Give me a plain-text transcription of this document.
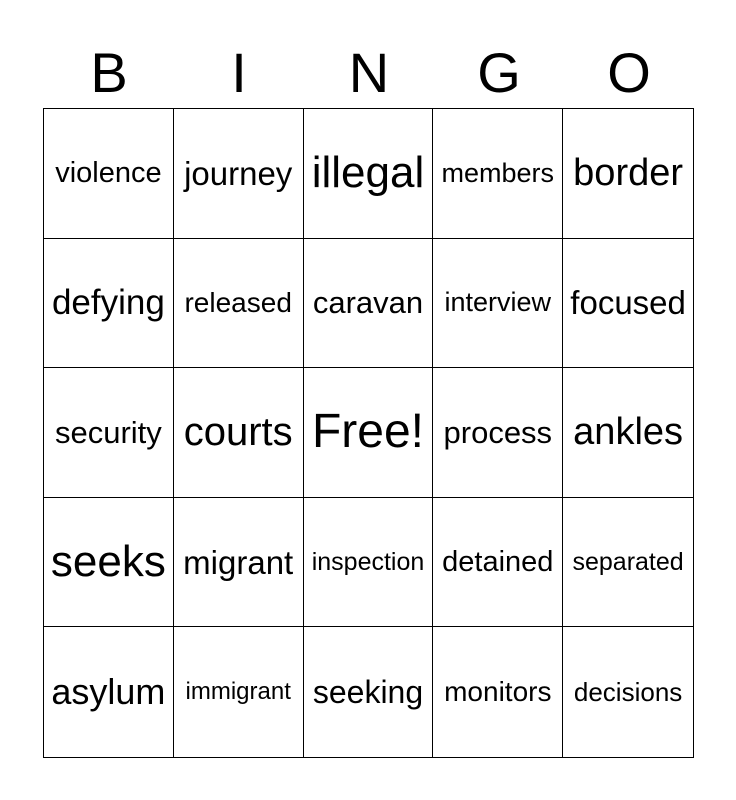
B	I	N	G	O
violence journey illegal members border
defying released caravan interview focused
security courts Free! process ankles
seeks migrant inspection detained separated
asylum immigrant seeking monitors decisions
